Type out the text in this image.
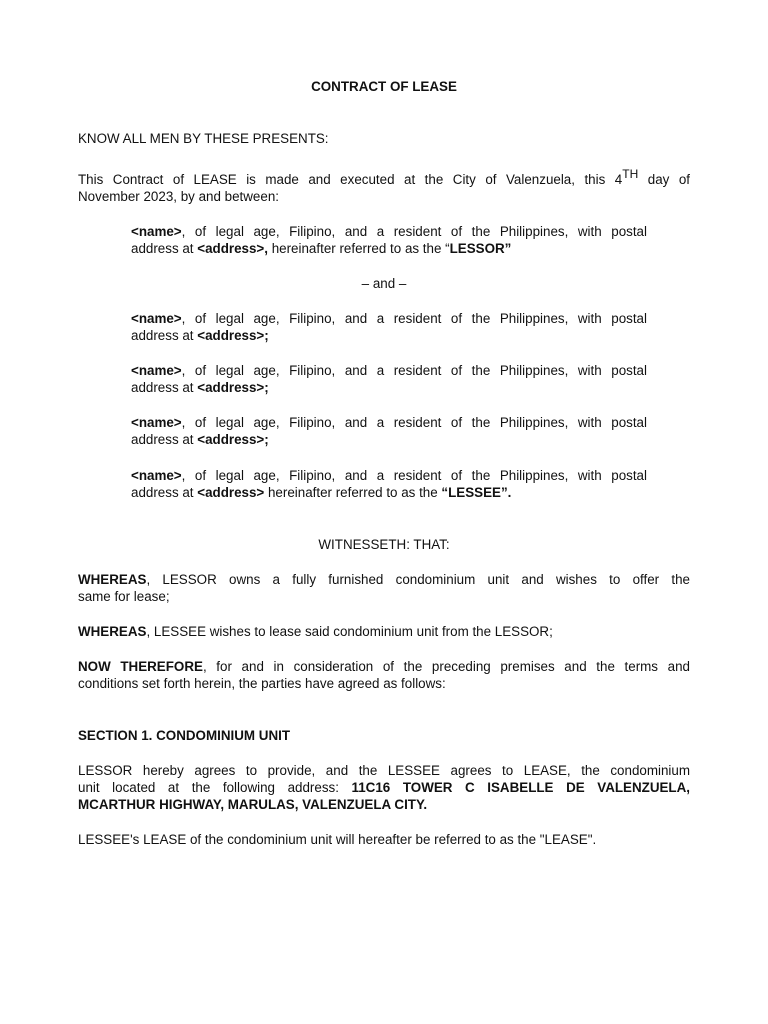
CONTRACT OF LEASE
KNOW ALL MEN BY THESE PRESENTS:
This Contract of LEASE is made and executed at the City of Valenzuela, this 4TH day of
November 2023, by and between:
<name>, of legal age, Filipino, and a resident of the Philippines, with postal
address at <address>, hereinafter referred to as the “LESSOR”
– and –
<name>, of legal age, Filipino, and a resident of the Philippines, with postal
address at <address>;
<name>, of legal age, Filipino, and a resident of the Philippines, with postal
address at <address>;
<name>, of legal age, Filipino, and a resident of the Philippines, with postal
address at <address>;
<name>, of legal age, Filipino, and a resident of the Philippines, with postal
address at <address> hereinafter referred to as the “LESSEE”.
WITNESSETH: THAT:
WHEREAS, LESSOR owns a fully furnished condominium unit and wishes to offer the
same for lease;
WHEREAS, LESSEE wishes to lease said condominium unit from the LESSOR;
NOW THEREFORE, for and in consideration of the preceding premises and the terms and
conditions set forth herein, the parties have agreed as follows:
SECTION 1. CONDOMINIUM UNIT
LESSOR hereby agrees to provide, and the LESSEE agrees to LEASE, the condominium
unit located at the following address: 11C16 TOWER C ISABELLE DE VALENZUELA,
MCARTHUR HIGHWAY, MARULAS, VALENZUELA CITY.
LESSEE's LEASE of the condominium unit will hereafter be referred to as the "LEASE".
